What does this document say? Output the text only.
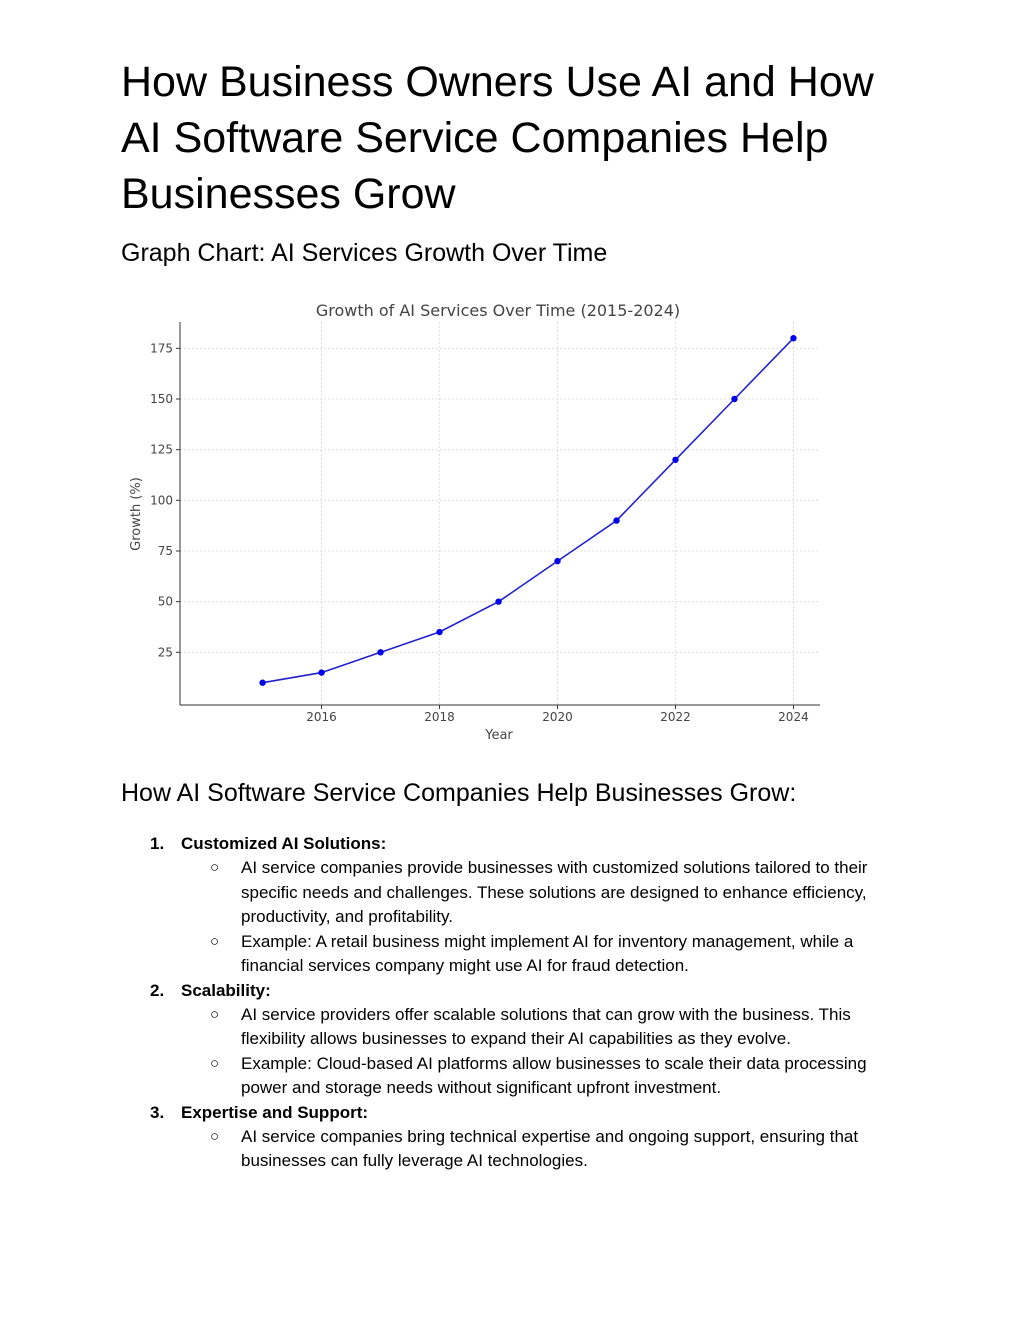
How Business Owners Use AI and How AI Software Service Companies Help Businesses Grow
Graph Chart: AI Services Growth Over Time
Growth of AI Services Over Time (2015-2024)
2016	2018	2020	2022	2024
25
50
75
100
125
150
175
Year
Growth (%)
How AI Software Service Companies Help Businesses Grow:
1. Customized AI Solutions:
○ AI service companies provide businesses with customized solutions tailored to their specific needs and challenges. These solutions are designed to enhance efficiency, productivity, and profitability.
○ Example: A retail business might implement AI for inventory management, while a financial services company might use AI for fraud detection.
2. Scalability:
○ AI service providers offer scalable solutions that can grow with the business. This flexibility allows businesses to expand their AI capabilities as they evolve.
○ Example: Cloud-based AI platforms allow businesses to scale their data processing power and storage needs without significant upfront investment.
3. Expertise and Support:
○ AI service companies bring technical expertise and ongoing support, ensuring that businesses can fully leverage AI technologies.
